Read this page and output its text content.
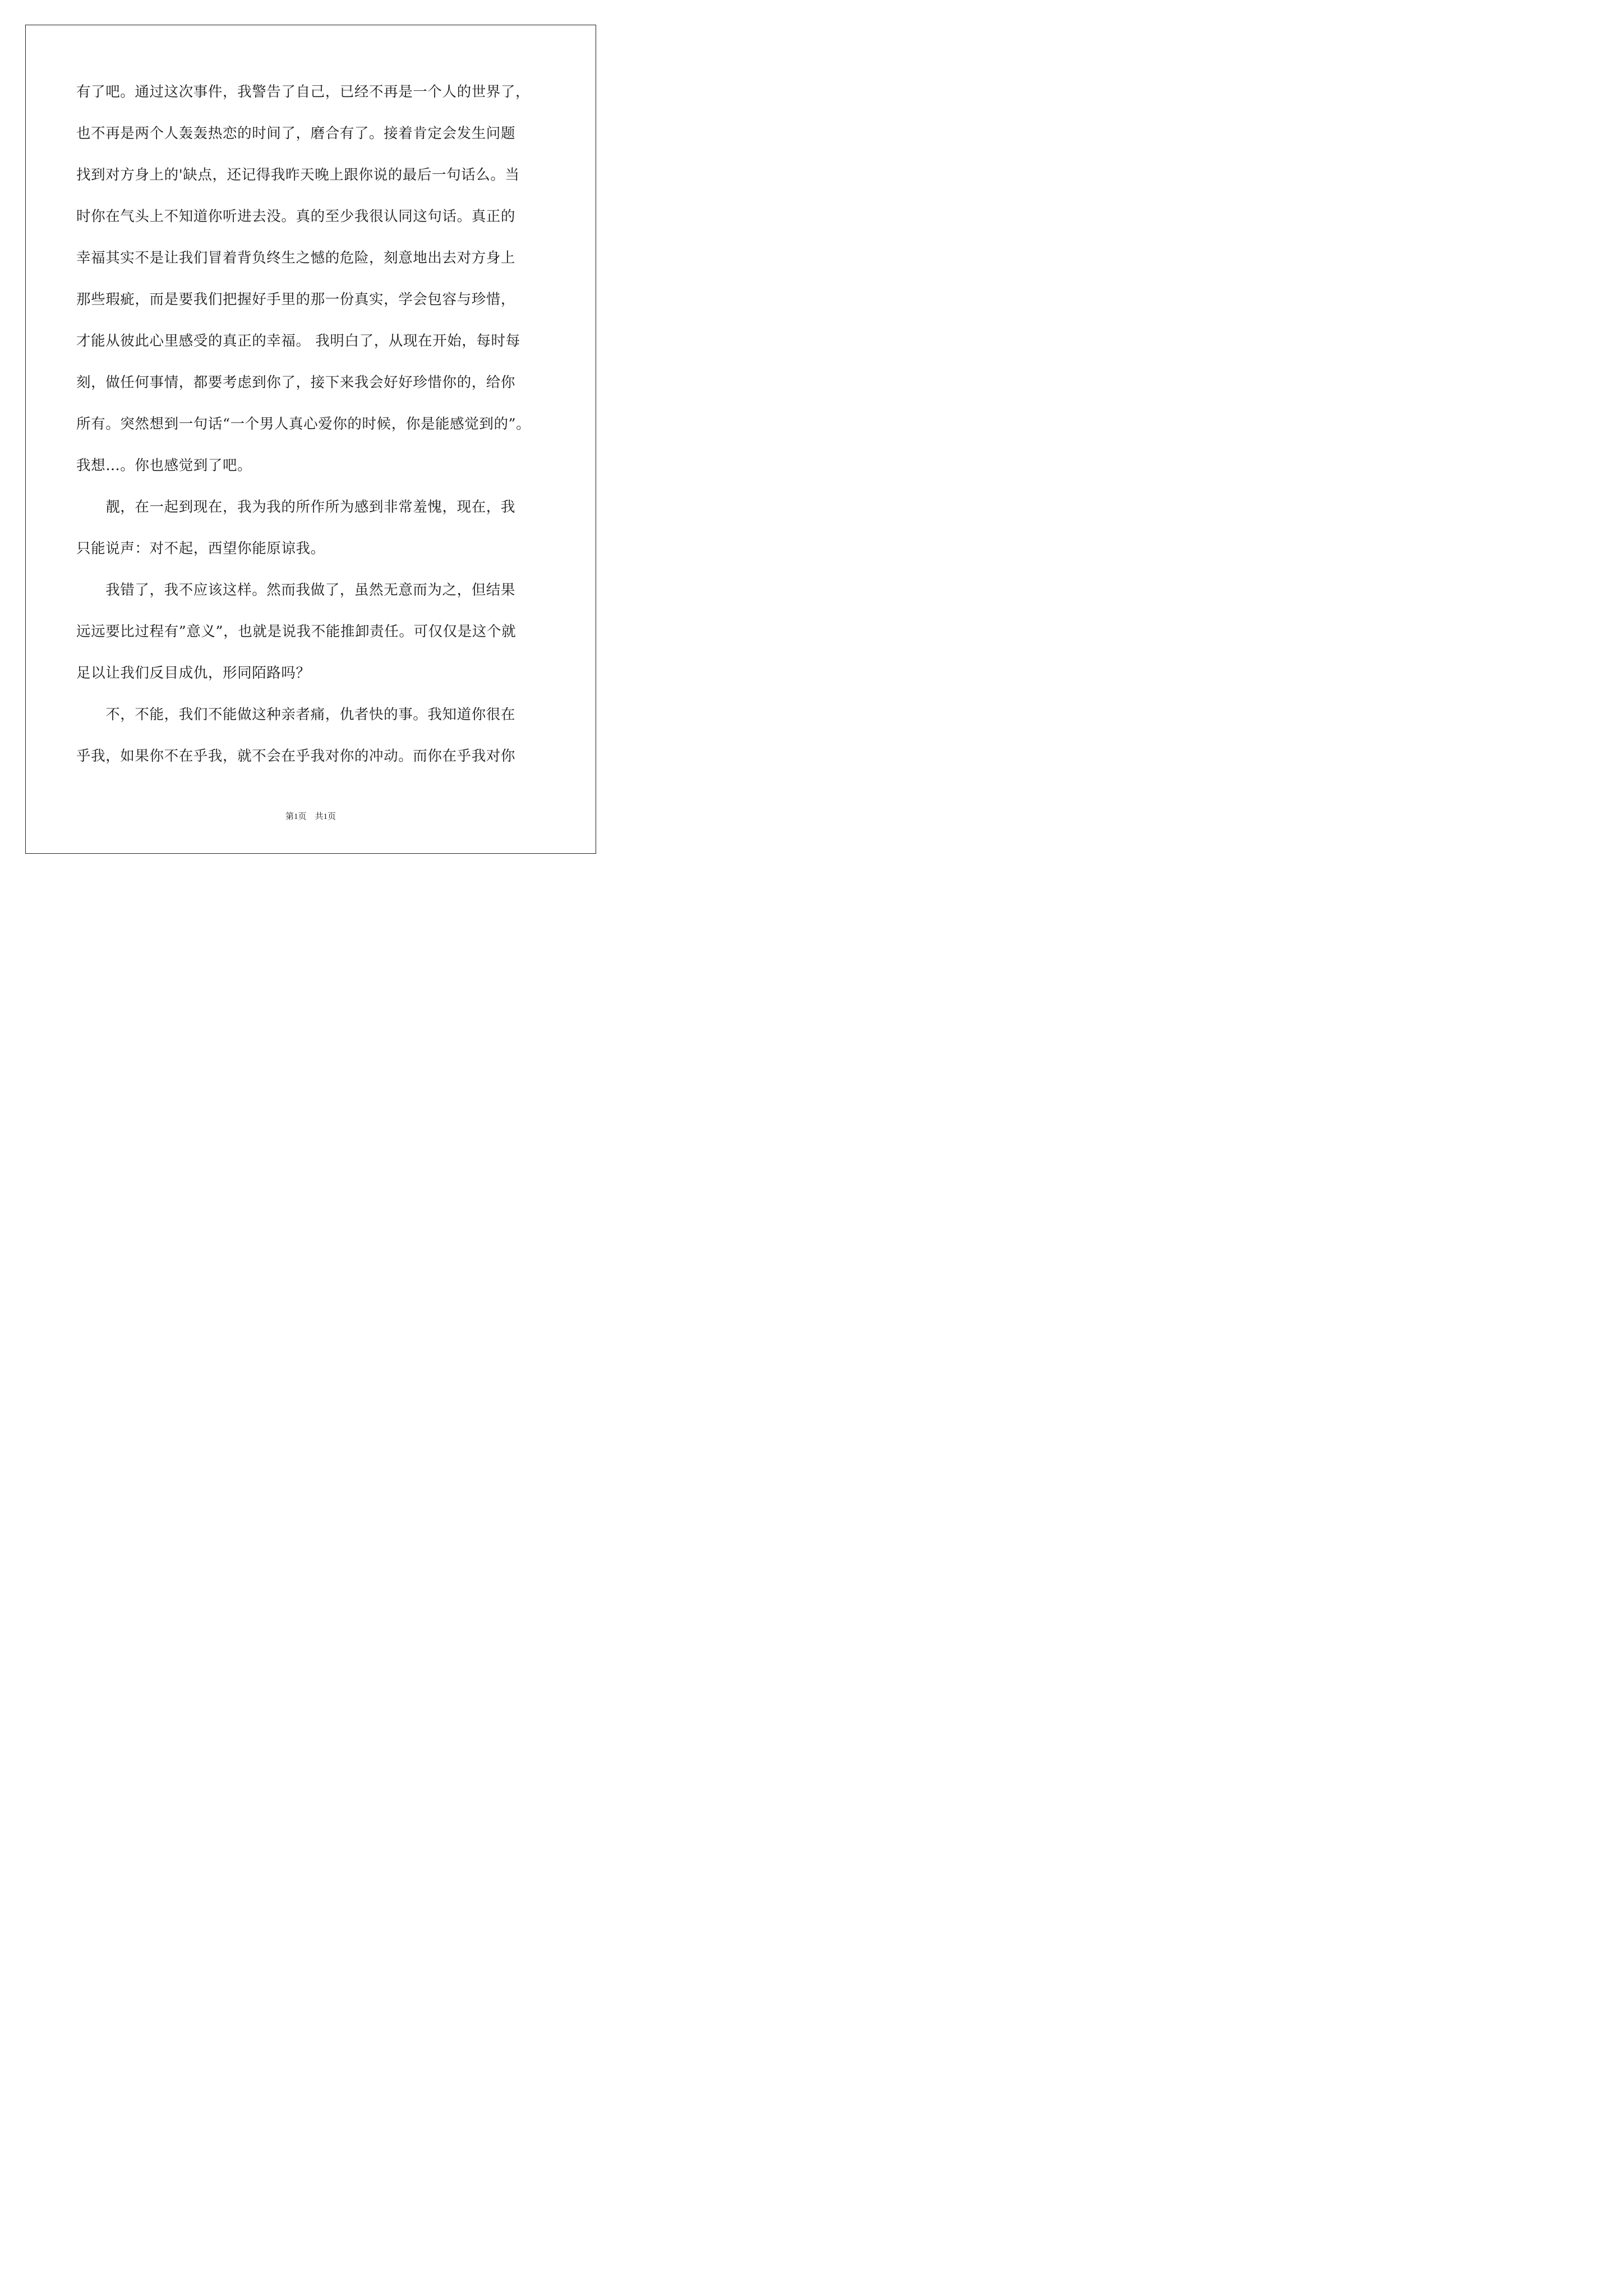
有了吧。通过这次事件，我警告了自己，已经不再是一个人的世界了，
也不再是两个人轰轰热恋的时间了，磨合有了。接着肯定会发生问题
找到对方身上的'缺点，还记得我昨天晚上跟你说的最后一句话么。当
时你在气头上不知道你听进去没。真的至少我很认同这句话。真正的
幸福其实不是让我们冒着背负终生之憾的危险，刻意地出去对方身上
那些瑕疵，而是要我们把握好手里的那一份真实，学会包容与珍惜，
才能从彼此心里感受的真正的幸福。 我明白了，从现在开始，每时每
刻，做任何事情，都要考虑到你了，接下来我会好好珍惜你的，给你
所有。突然想到一句话“一个男人真心爱你的时候，你是能感觉到的”。
我想…。你也感觉到了吧。
　　靓，在一起到现在，我为我的所作所为感到非常羞愧，现在，我
只能说声：对不起，西望你能原谅我。
　　我错了，我不应该这样。然而我做了，虽然无意而为之，但结果
远远要比过程有”意义”，也就是说我不能推卸责任。可仅仅是这个就
足以让我们反目成仇，形同陌路吗？
　　不，不能，我们不能做这种亲者痛，仇者快的事。我知道你很在
乎我，如果你不在乎我，就不会在乎我对你的冲动。而你在乎我对你
第1页　共1页
